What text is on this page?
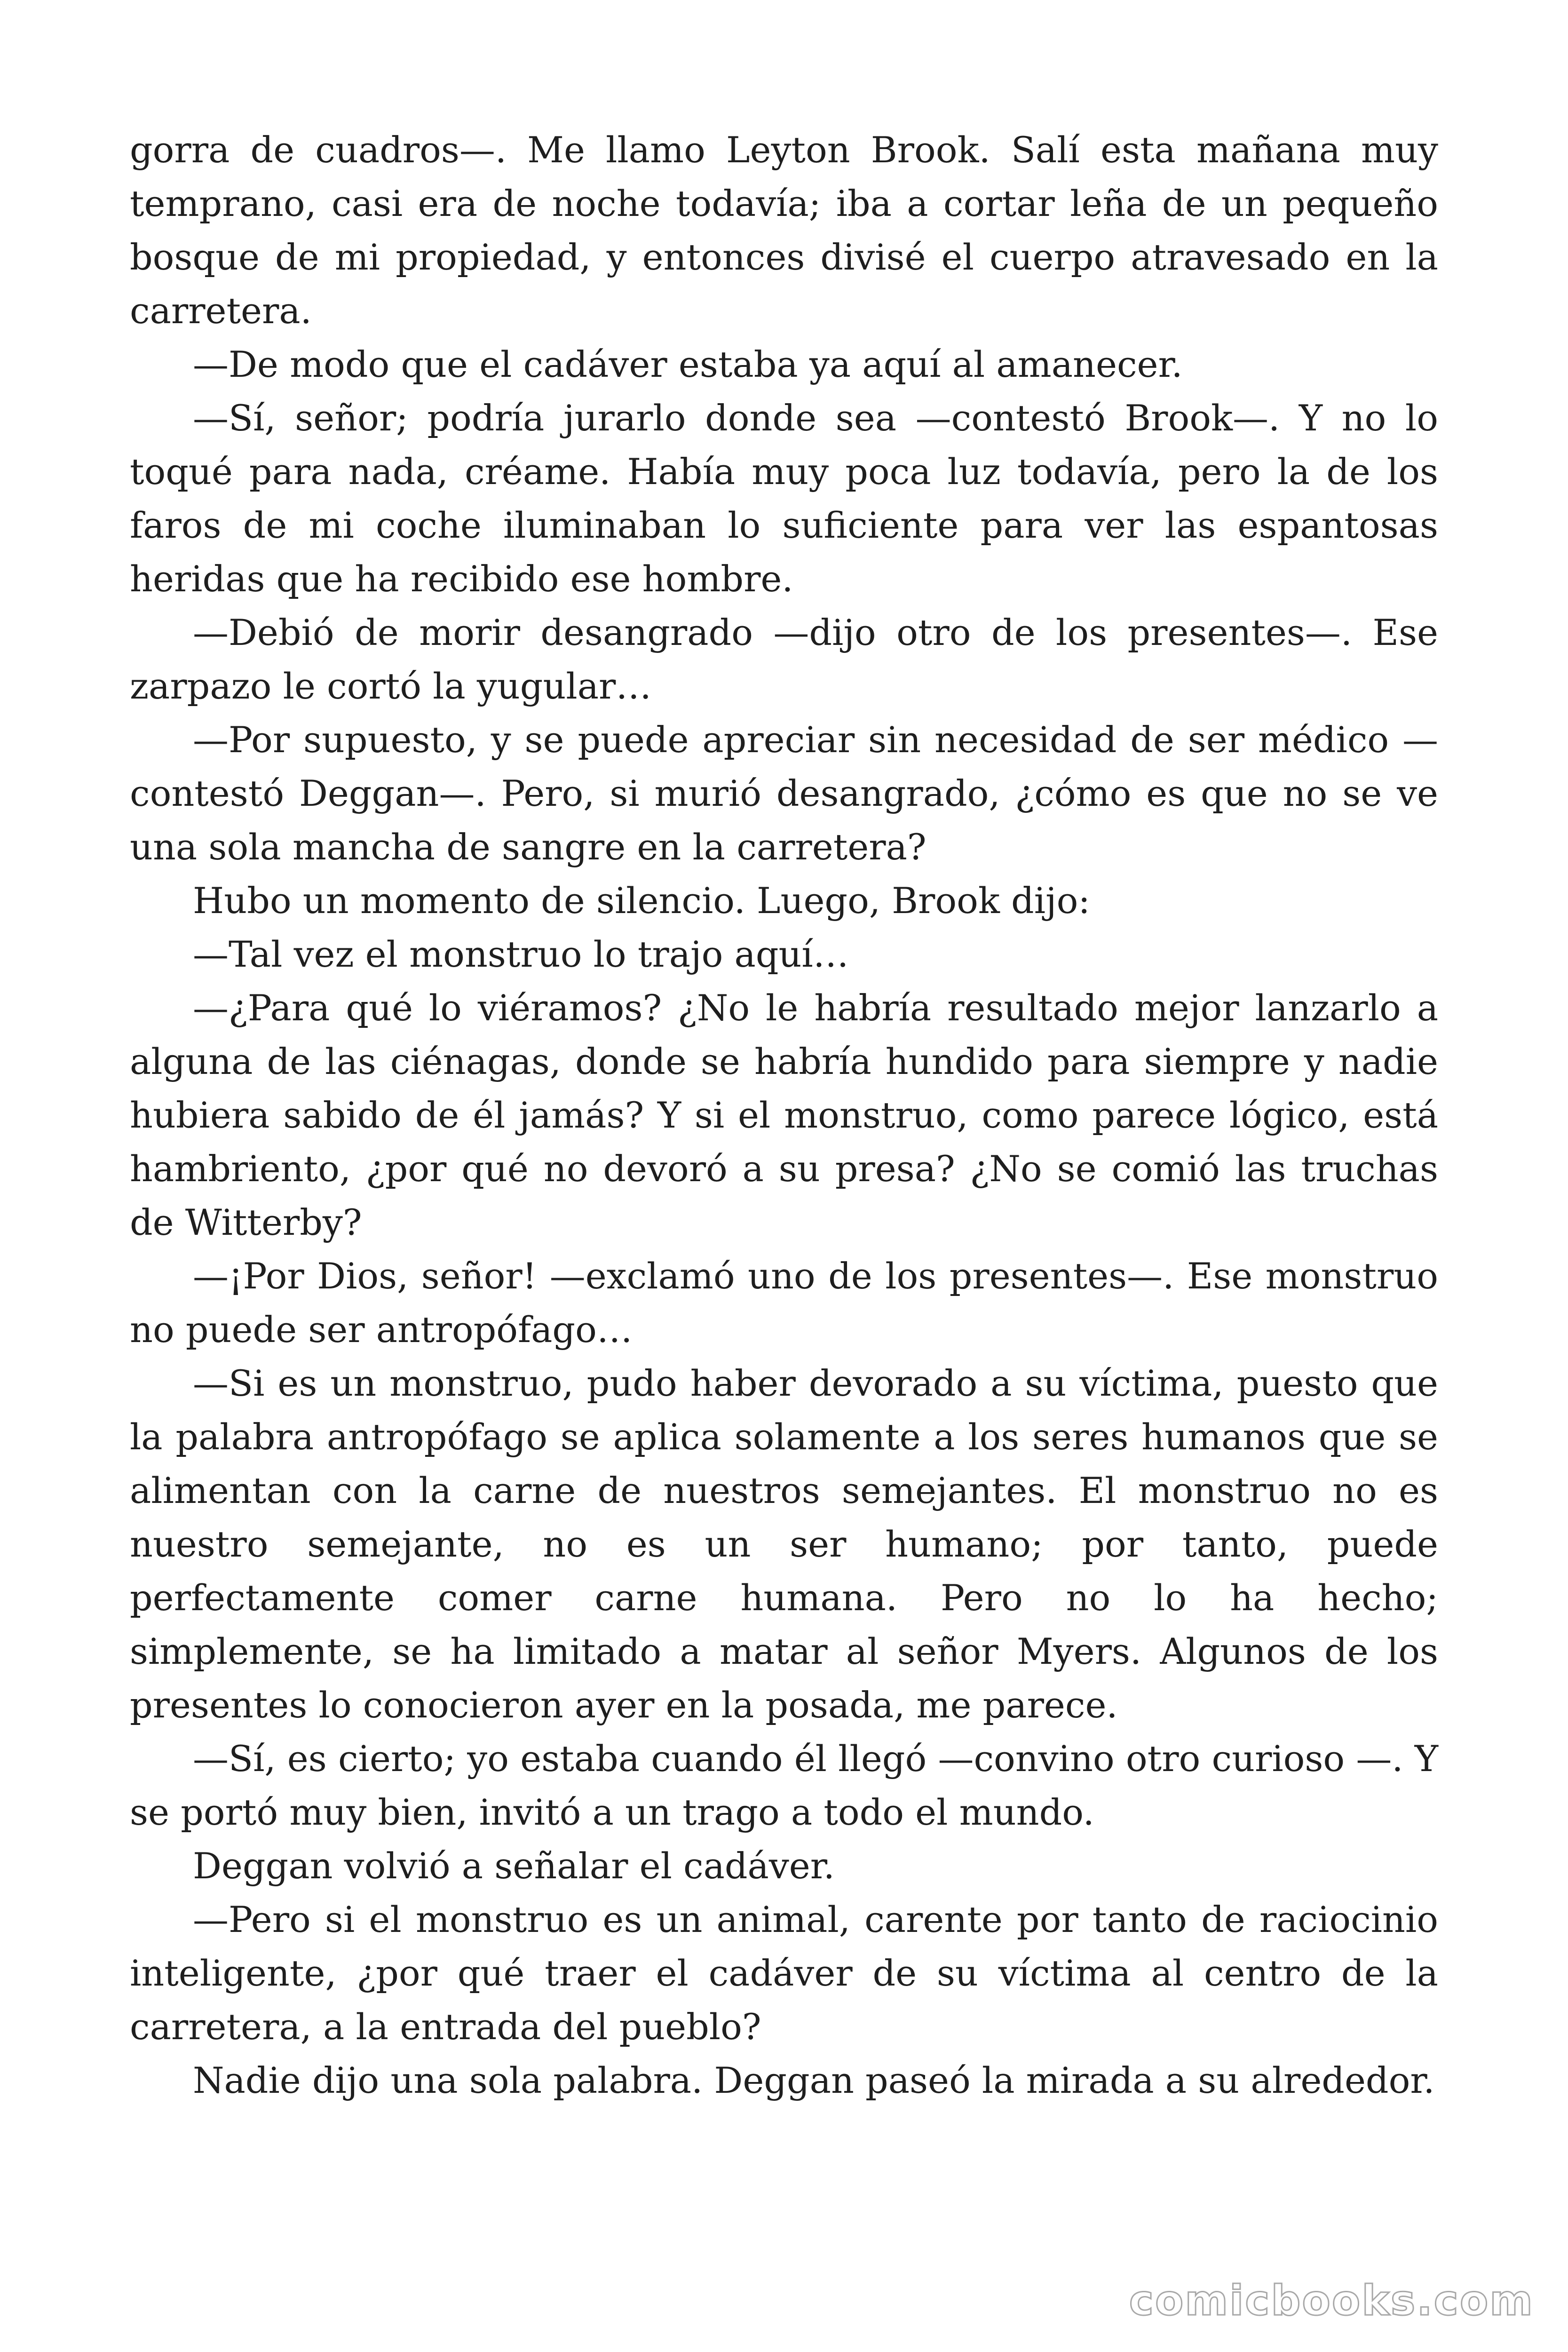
gorra de cuadros—. Me llamo Leyton Brook. Salí esta mañana muy temprano, casi era de noche todavía; iba a cortar leña de un pequeño bosque de mi propiedad, y entonces divisé el cuerpo atravesado en la carretera.

—De modo que el cadáver estaba ya aquí al amanecer.

—Sí, señor; podría jurarlo donde sea —contestó Brook—. Y no lo toqué para nada, créame. Había muy poca luz todavía, pero la de los faros de mi coche iluminaban lo suficiente para ver las espantosas heridas que ha recibido ese hombre.

—Debió de morir desangrado —dijo otro de los presentes—. Ese zarpazo le cortó la yugular…

—Por supuesto, y se puede apreciar sin necesidad de ser médico —contestó Deggan—. Pero, si murió desangrado, ¿cómo es que no se ve una sola mancha de sangre en la carretera?

Hubo un momento de silencio. Luego, Brook dijo:

—Tal vez el monstruo lo trajo aquí…

—¿Para qué lo viéramos? ¿No le habría resultado mejor lanzarlo a alguna de las ciénagas, donde se habría hundido para siempre y nadie hubiera sabido de él jamás? Y si el monstruo, como parece lógico, está hambriento, ¿por qué no devoró a su presa? ¿No se comió las truchas de Witterby?

—¡Por Dios, señor! —exclamó uno de los presentes—. Ese monstruo no puede ser antropófago…

—Si es un monstruo, pudo haber devorado a su víctima, puesto que la palabra antropófago se aplica solamente a los seres humanos que se alimentan con la carne de nuestros semejantes. El monstruo no es nuestro semejante, no es un ser humano; por tanto, puede perfectamente comer carne humana. Pero no lo ha hecho; simplemente, se ha limitado a matar al señor Myers. Algunos de los presentes lo conocieron ayer en la posada, me parece.

—Sí, es cierto; yo estaba cuando él llegó —convino otro curioso —. Y se portó muy bien, invitó a un trago a todo el mundo.

Deggan volvió a señalar el cadáver.

—Pero si el monstruo es un animal, carente por tanto de raciocinio inteligente, ¿por qué traer el cadáver de su víctima al centro de la carretera, a la entrada del pueblo?

Nadie dijo una sola palabra. Deggan paseó la mirada a su alrededor.

comicbooks.com
